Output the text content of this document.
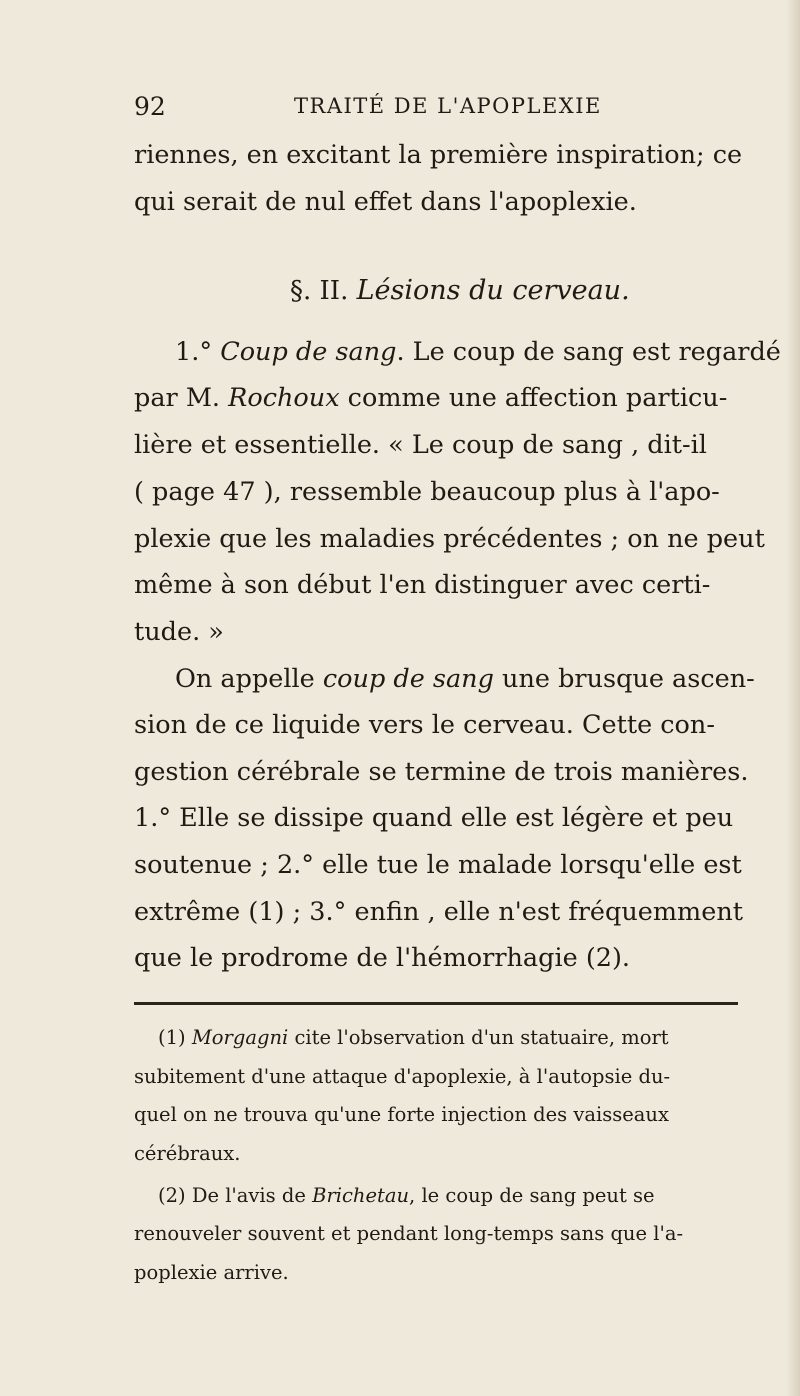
92	TRAITÉ DE L'APOPLEXIE
riennes, en excitant la première inspiration; ce
qui serait de nul effet dans l'apoplexie.
§. II. Lésions du cerveau.
1.° Coup de sang. Le coup de sang est regardé
par M. Rochoux comme une affection particu-
lière et essentielle. « Le coup de sang , dit-il
( page 47 ), ressemble beaucoup plus à l'apo-
plexie que les maladies précédentes ; on ne peut
même à son début l'en distinguer avec certi-
tude. »
On appelle coup de sang une brusque ascen-
sion de ce liquide vers le cerveau. Cette con-
gestion cérébrale se termine de trois manières.
1.° Elle se dissipe quand elle est légère et peu
soutenue ; 2.° elle tue le malade lorsqu'elle est
extrême (1) ; 3.° enfin , elle n'est fréquemment
que le prodrome de l'hémorrhagie (2).
(1) Morgagni cite l'observation d'un statuaire, mort
subitement d'une attaque d'apoplexie, à l'autopsie du-
quel on ne trouva qu'une forte injection des vaisseaux
cérébraux.
(2) De l'avis de Brichetau, le coup de sang peut se
renouveler souvent et pendant long-temps sans que l'a-
poplexie arrive.
